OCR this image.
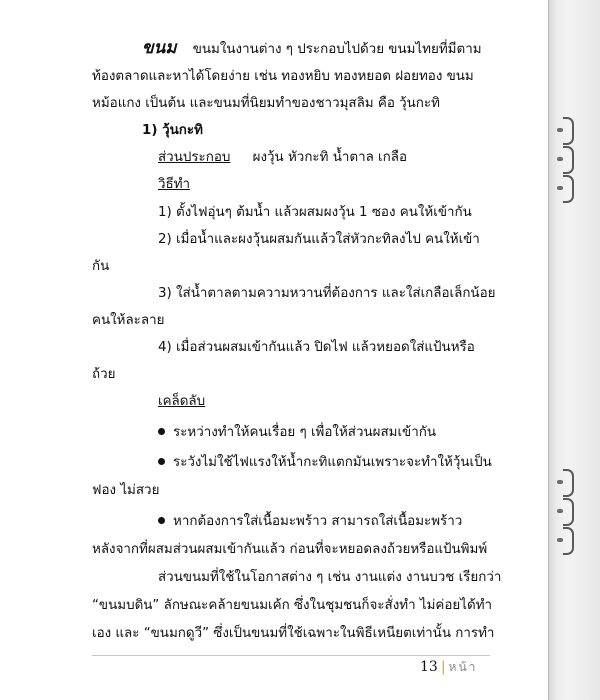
ขนม ขนมในงานต่าง ๆ ประกอบไปด้วย ขนมไทยที่มีตาม
ท้องตลาดและหาได้โดยง่าย เช่น ทองหยิบ ทองหยอด ฝอยทอง ขนม
หม้อแกง เป็นต้น และขนมที่นิยมทำของชาวมุสลิม คือ วุ้นกะทิ
1) วุ้นกะทิ
ส่วนประกอบ ผงวุ้น หัวกะทิ น้ำตาล เกลือ
วิธีทำ
1) ตั้งไฟอุ่นๆ ต้มน้ำ แล้วผสมผงวุ้น 1 ซอง คนให้เข้ากัน
2) เมื่อน้ำและผงวุ้นผสมกันแล้วใส่หัวกะทิลงไป คนให้เข้า
กัน
3) ใส่น้ำตาลตามความหวานที่ต้องการ และใส่เกลือเล็กน้อย
คนให้ละลาย
4) เมื่อส่วนผสมเข้ากันแล้ว ปิดไฟ แล้วหยอดใส่แป้นหรือ
ถ้วย
เคล็ดลับ
ระหว่างทำให้คนเรื่อย ๆ เพื่อให้ส่วนผสมเข้ากัน
ระวังไม่ใช้ไฟแรงให้น้ำกะทิแตกมันเพราะจะทำให้วุ้นเป็น
ฟอง ไม่สวย
หากต้องการใส่เนื้อมะพร้าว สามารถใส่เนื้อมะพร้าว
หลังจากที่ผสมส่วนผสมเข้ากันแล้ว ก่อนที่จะหยอดลงถ้วยหรือแป้นพิมพ์
ส่วนขนมที่ใช้ในโอกาสต่าง ๆ เช่น งานแต่ง งานบวช เรียกว่า
“ขนมบดิน” ลักษณะคล้ายขนมเค้ก ซึ่งในชุมชนก็จะสั่งทำ ไม่ค่อยได้ทำ
เอง และ “ขนมกดูวี” ซึ่งเป็นขนมที่ใช้เฉพาะในพิธีเหนียตเท่านั้น การทำ
13 | หน้า
